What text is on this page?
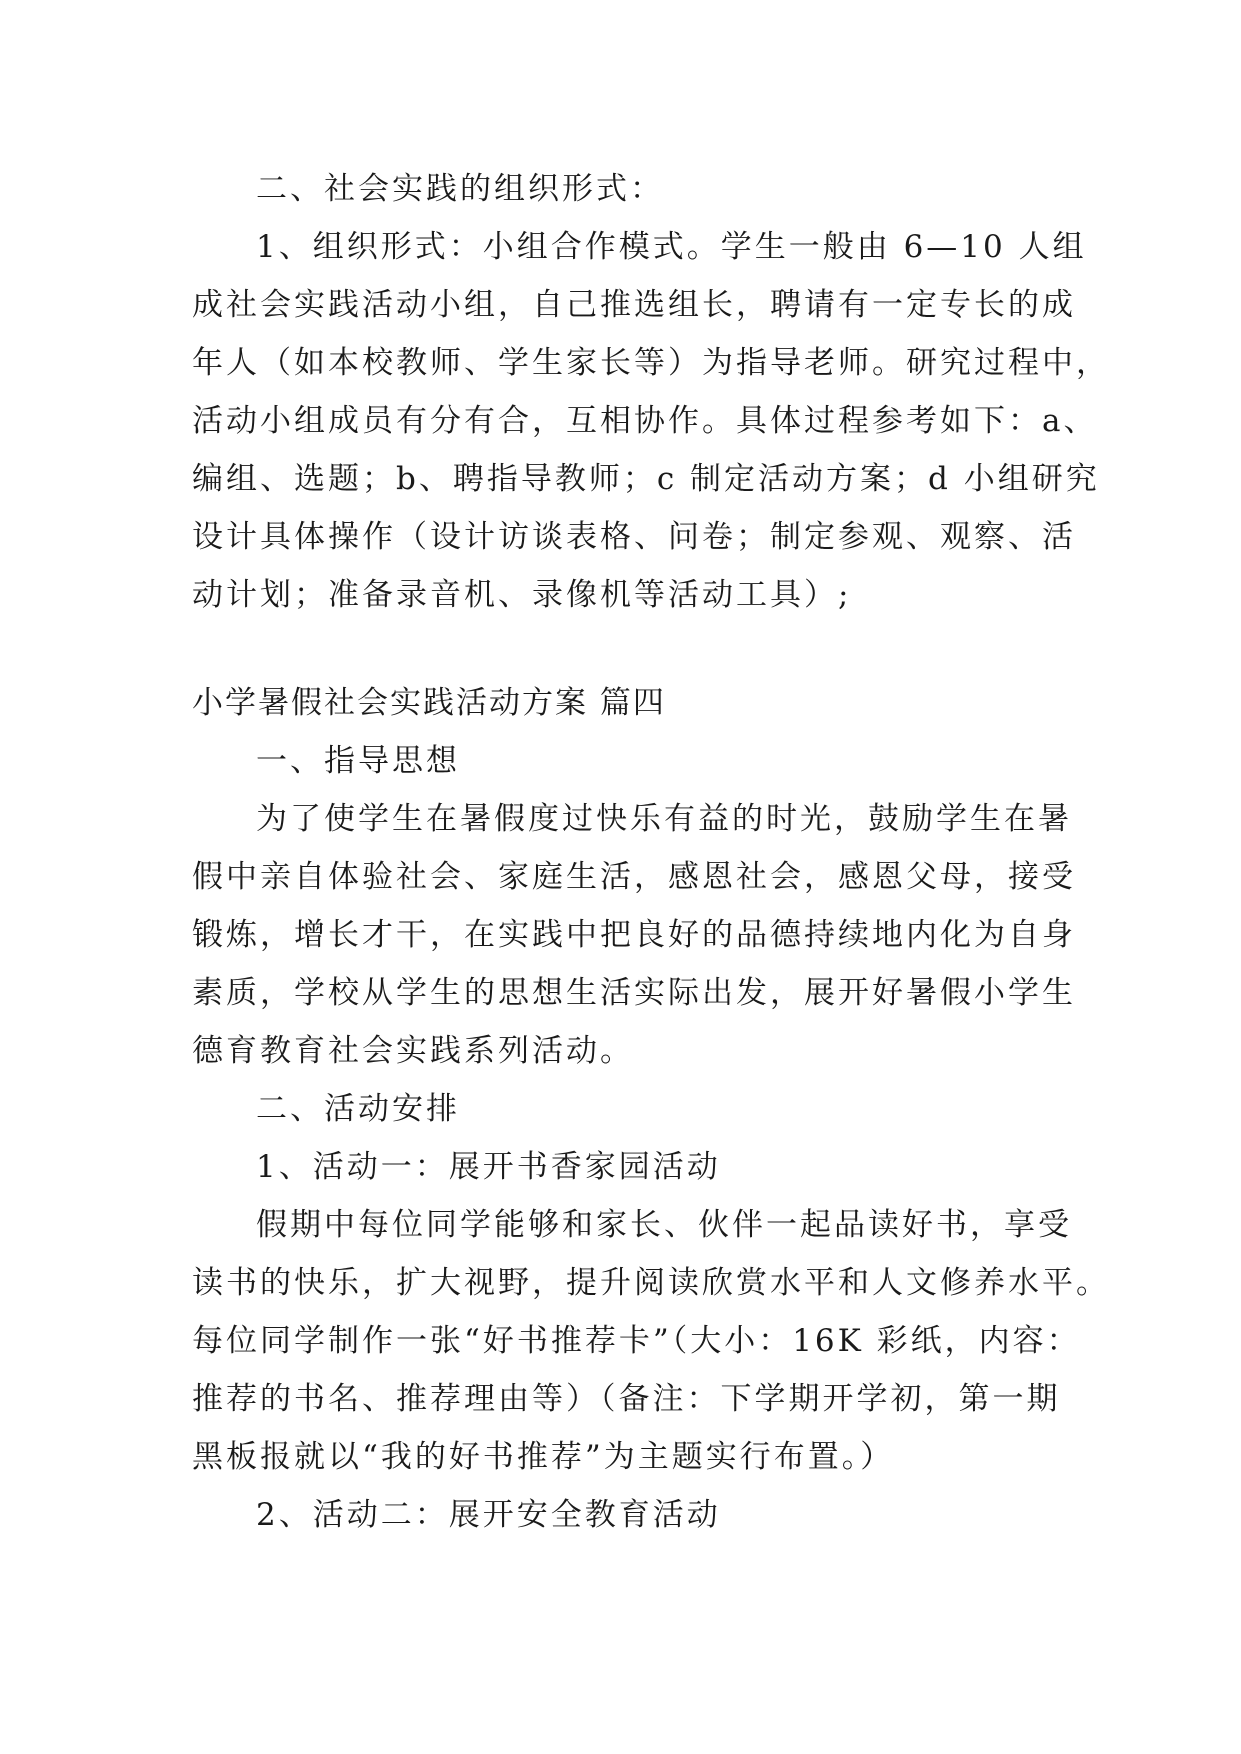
二、社会实践的组织形式：
1、组织形式：小组合作模式。学生一般由 6—10 人组
成社会实践活动小组，自己推选组长，聘请有一定专长的成
年人（如本校教师、学生家长等）为指导老师。研究过程中，
活动小组成员有分有合，互相协作。具体过程参考如下：a、
编组、选题；b、聘指导教师；c 制定活动方案；d 小组研究
设计具体操作（设计访谈表格、问卷；制定参观、观察、活
动计划；准备录音机、录像机等活动工具）;
小学暑假社会实践活动方案 篇四
一、指导思想
为了使学生在暑假度过快乐有益的时光，鼓励学生在暑
假中亲自体验社会、家庭生活，感恩社会，感恩父母，接受
锻炼，增长才干，在实践中把良好的品德持续地内化为自身
素质，学校从学生的思想生活实际出发，展开好暑假小学生
德育教育社会实践系列活动。
二、活动安排
1、活动一：展开书香家园活动
假期中每位同学能够和家长、伙伴一起品读好书，享受
读书的快乐，扩大视野，提升阅读欣赏水平和人文修养水平。
每位同学制作一张“好书推荐卡”（大小：16K 彩纸，内容：
推荐的书名、推荐理由等）（备注：下学期开学初，第一期
黑板报就以“我的好书推荐”为主题实行布置。）
2、活动二：展开安全教育活动
